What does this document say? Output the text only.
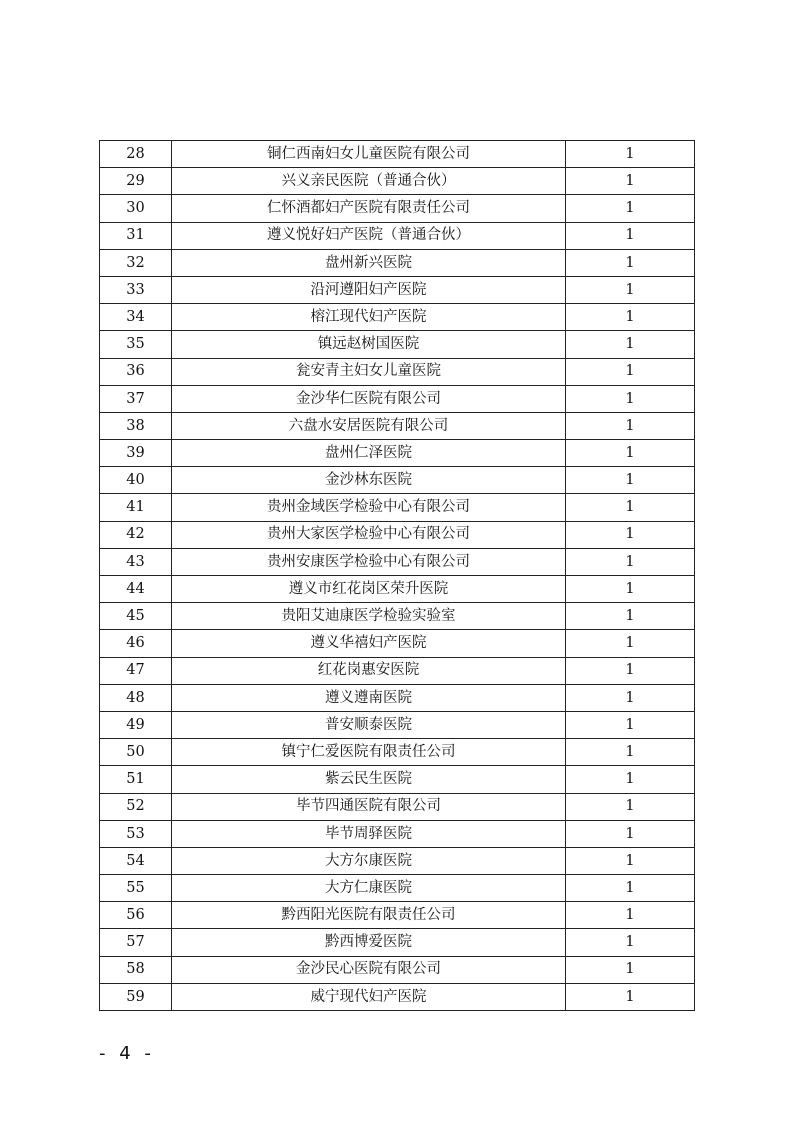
28	铜仁西南妇女儿童医院有限公司	1
29	兴义亲民医院（普通合伙）	1
30	仁怀酒都妇产医院有限责任公司	1
31	遵义悦好妇产医院（普通合伙）	1
32	盘州新兴医院	1
33	沿河遵阳妇产医院	1
34	榕江现代妇产医院	1
35	镇远赵树国医院	1
36	瓮安青主妇女儿童医院	1
37	金沙华仁医院有限公司	1
38	六盘水安居医院有限公司	1
39	盘州仁泽医院	1
40	金沙林东医院	1
41	贵州金域医学检验中心有限公司	1
42	贵州大家医学检验中心有限公司	1
43	贵州安康医学检验中心有限公司	1
44	遵义市红花岗区荣升医院	1
45	贵阳艾迪康医学检验实验室	1
46	遵义华禧妇产医院	1
47	红花岗惠安医院	1
48	遵义遵南医院	1
49	普安顺泰医院	1
50	镇宁仁爱医院有限责任公司	1
51	紫云民生医院	1
52	毕节四通医院有限公司	1
53	毕节周驿医院	1
54	大方尔康医院	1
55	大方仁康医院	1
56	黔西阳光医院有限责任公司	1
57	黔西博爱医院	1
58	金沙民心医院有限公司	1
59	威宁现代妇产医院	1
- 4 -
